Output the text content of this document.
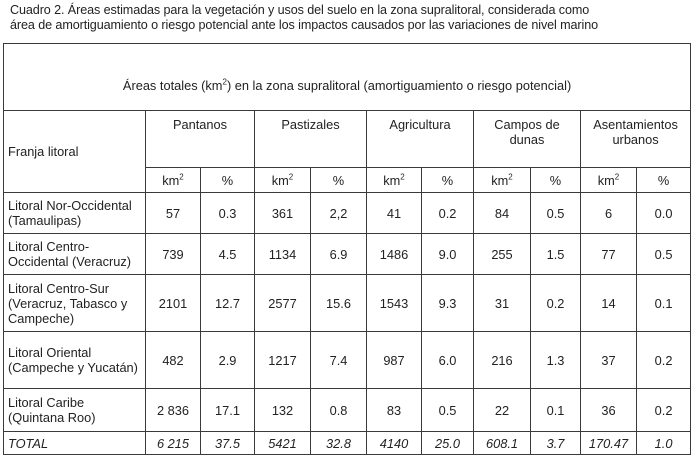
Cuadro 2. Áreas estimadas para la vegetación y usos del suelo en la zona supralitoral, considerada como
área de amortiguamiento o riesgo potencial ante los impactos causados por las variaciones de nivel marino
Áreas totales $(km^2)$ en la zona supralitoral (amortiguamiento o riesgo potencial)										
Franja litoral	Pantanos		Pastizales		Agricultura		Campos de dunas		Asentamientos urbanos	
	$km^2$	%	$km^2$	%	$km^2$	%	$km^2$	%	$km^2$	%
Litoral Nor-Occidental (Tamaulipas)	57	0.3	361	2,2	41	0.2	84	0.5	6	0.0
Litoral Centro-Occidental (Veracruz)	739	4.5	1134	6.9	1486	9.0	255	1.5	77	0.5
Litoral Centro-Sur (Veracruz, Tabasco y Campeche)	2101	12.7	2577	15.6	1543	9.3	31	0.2	14	0.1
Litoral Oriental (Campeche y Yucatán)	482	2.9	1217	7.4	987	6.0	216	1.3	37	0.2
Litoral Caribe (Quintana Roo)	2 836	17.1	132	0.8	83	0.5	22	0.1	36	0.2
TOTAL	6 215	37.5	5421	32.8	4140	25.0	608.1	3.7	170.47	1.0
